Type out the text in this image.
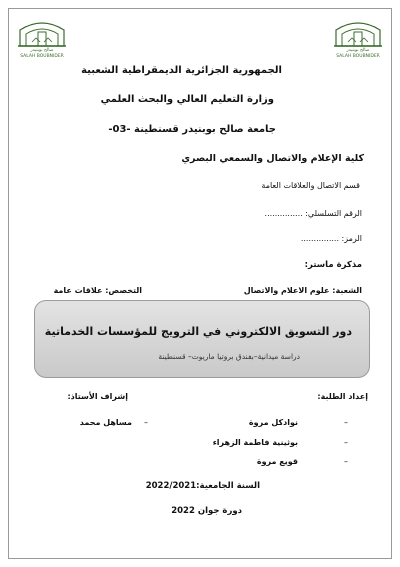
صالح بوبنيدر
SALAH BOUBNIDER
صالح بوبنيدر
SALAH BOUBNIDER
الجمهورية الجزائرية الديمقراطية الشعبية
وزارة التعليم العالي والبحث العلمي
جامعة صالح بوبنيدر قسنطينة -03-
كلية الإعلام والاتصال والسمعي البصري
قسم الاتصال والعلاقات العامة
الرقم التسلسلي: ...............
الرمز: ...............
مذكرة ماستر:
الشعبة: علوم الاعلام والاتصال
التخصص: علاقات عامة
دور التسويق الالكتروني في الترويج للمؤسسات الخدماتية
دراسة ميدانية–بفندق بروتيا ماريوت– قسنطينة
إعداد الطلبة:
إشراف الأستاذ:
–
نوادكل مروة
–
مساهل محمد
–
بوثينية فاطمة الزهراء
–
قويع مروة
السنة الجامعية:2022/2021
دورة جوان 2022
